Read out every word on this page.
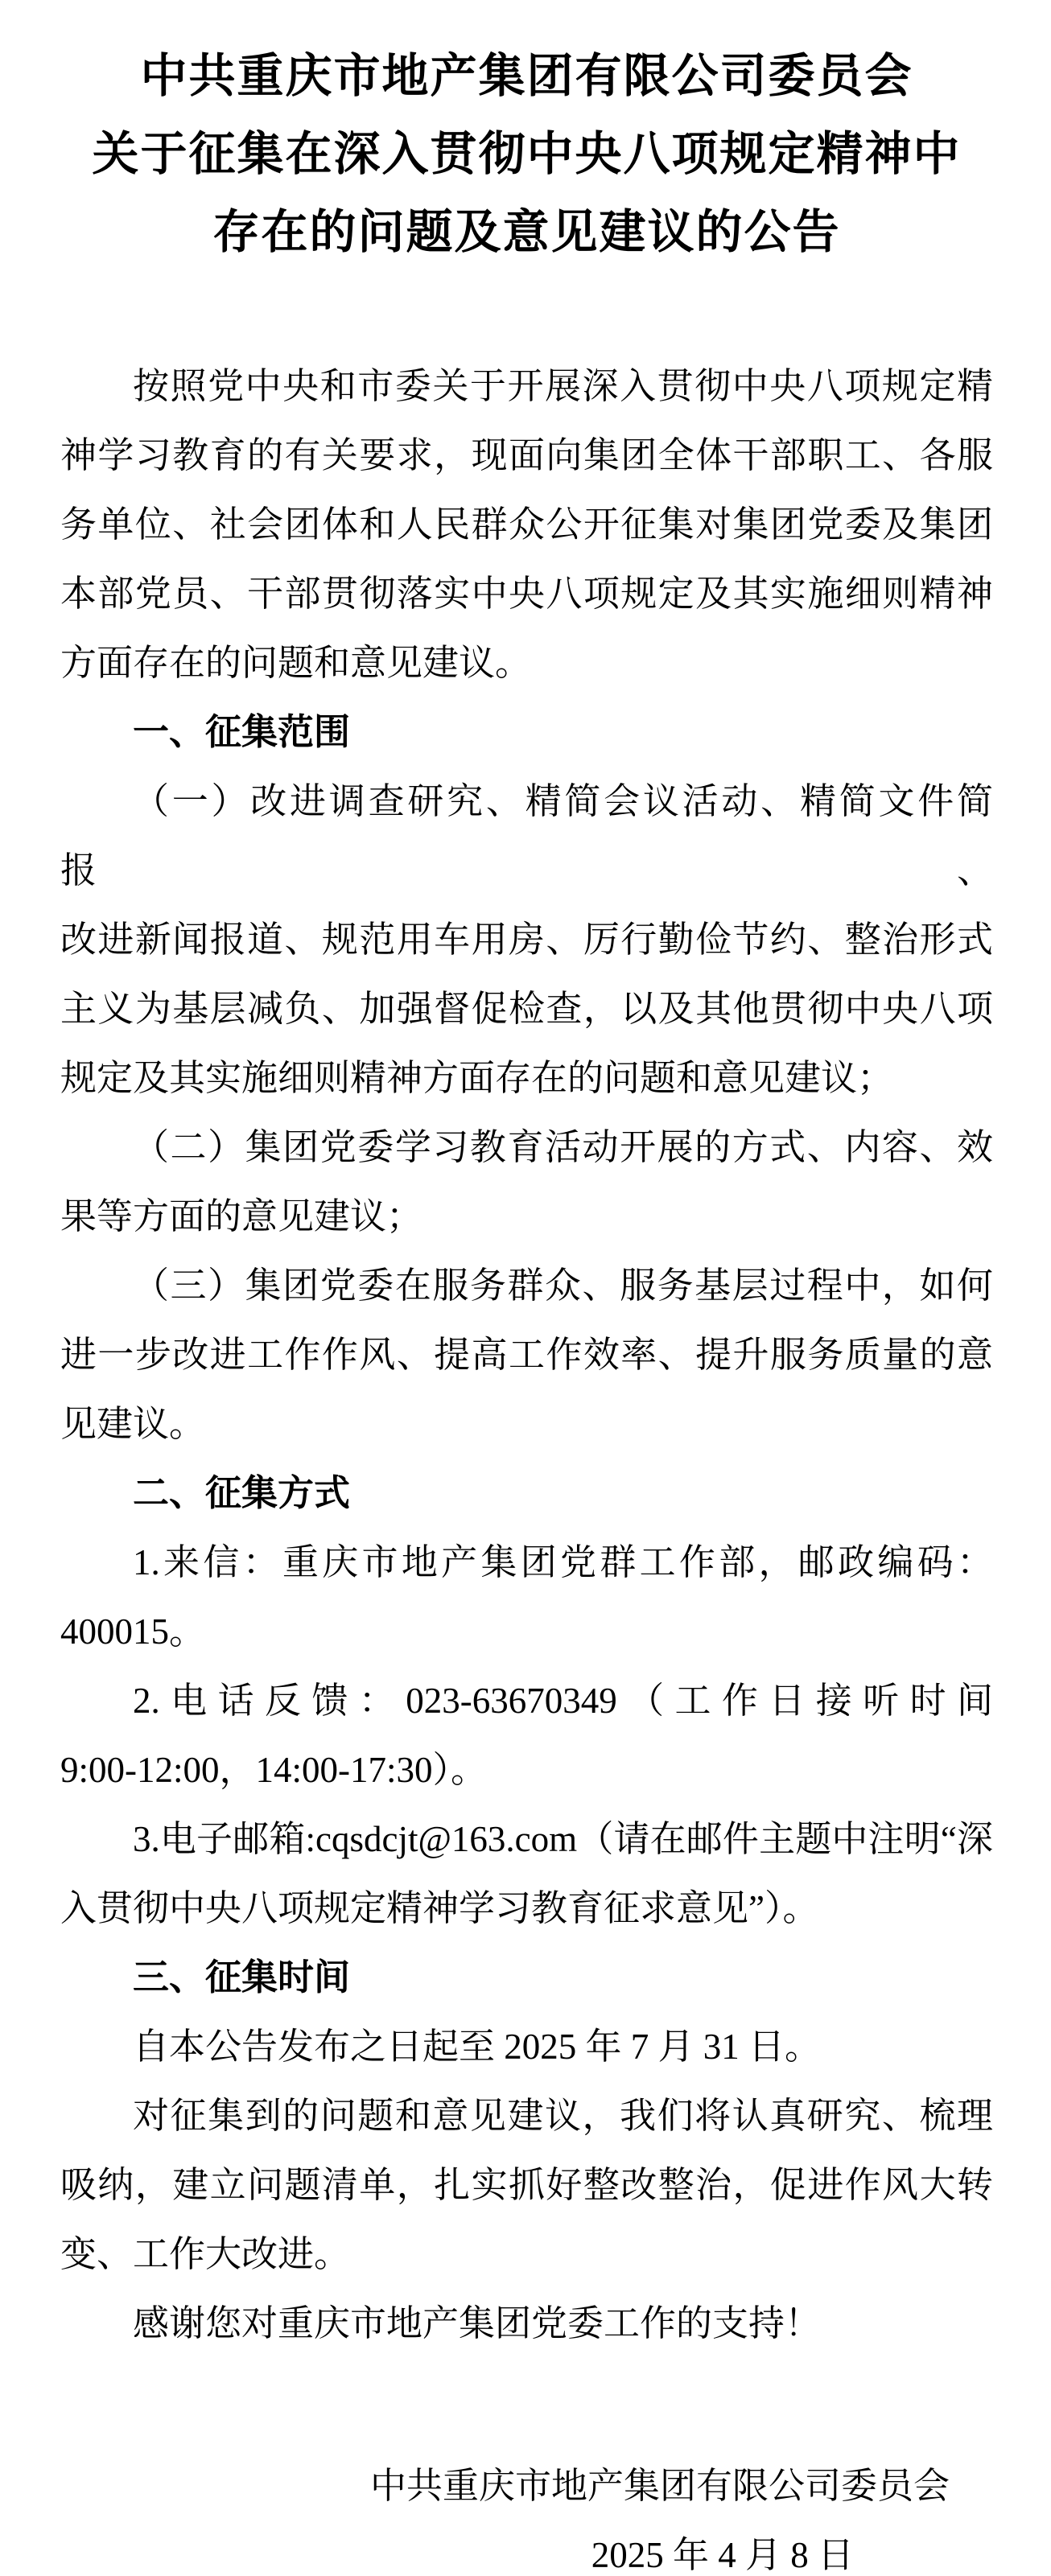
中共重庆市地产集团有限公司委员会
关于征集在深入贯彻中央八项规定精神中
存在的问题及意见建议的公告
按照党中央和市委关于开展深入贯彻中央八项规定精
神学习教育的有关要求，现面向集团全体干部职工、各服
务单位、社会团体和人民群众公开征集对集团党委及集团
本部党员、干部贯彻落实中央八项规定及其实施细则精神
方面存在的问题和意见建议。
一、征集范围
（一）改进调查研究、精简会议活动、精简文件简报、
改进新闻报道、规范用车用房、厉行勤俭节约、整治形式
主义为基层减负、加强督促检查，以及其他贯彻中央八项
规定及其实施细则精神方面存在的问题和意见建议；
（二）集团党委学习教育活动开展的方式、内容、效
果等方面的意见建议；
（三）集团党委在服务群众、服务基层过程中，如何
进一步改进工作作风、提高工作效率、提升服务质量的意
见建议。
二、征集方式
1.来信：重庆市地产集团党群工作部，邮政编码：
400015。
2.电话反馈：023-63670349（工作日接听时间
9:00-12:00，14:00-17:30）。
3.电子邮箱:cqsdcjt@163.com（请在邮件主题中注明“深
入贯彻中央八项规定精神学习教育征求意见”）。
三、征集时间
自本公告发布之日起至 2025 年 7 月 31 日。
对征集到的问题和意见建议，我们将认真研究、梳理
吸纳，建立问题清单，扎实抓好整改整治，促进作风大转
变、工作大改进。
感谢您对重庆市地产集团党委工作的支持！
中共重庆市地产集团有限公司委员会
2025 年 4 月 8 日
